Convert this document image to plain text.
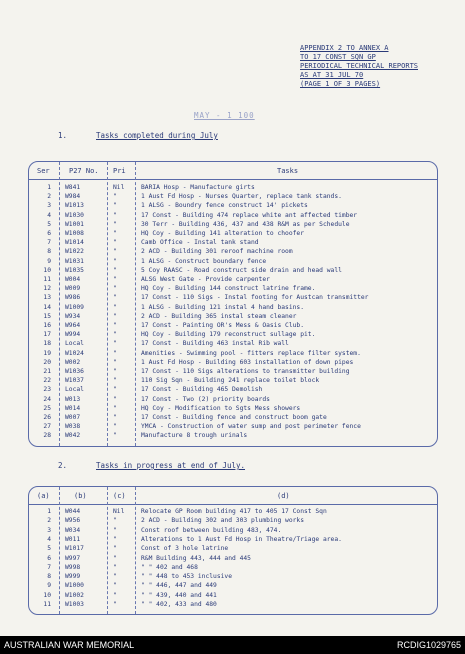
APPENDIX 2 TO ANNEX A
TO 17 CONST SQN GP
PERIODICAL TECHNICAL REPORTS
AS AT 31 JUL 70
(PAGE 1 OF 3 PAGES)
MAY - 1 100
1.	Tasks completed during July
Ser	P27 No. Pri	Tasks
1 W841	Nil	BARIA Hosp - Manufacture girts
2 W984	"	1 Aust Fd Hosp - Nurses Quarter, replace tank stands.
3 W1013	"	1 ALSG - Boundry fence construct 14' pickets
4 W1030	"	17 Const - Building 474 replace white ant affected timber
5 W1001	"	30 Terr - Building 436, 437 and 438 R&M as per Schedule
6 W1008	"	HQ Coy - Building 141 alteration to choofer
7 W1014	"	Camb Office - Instal tank stand
8 W1022	"	2 ACD - Building 301 reroof machine room
9 W1031	"	1 ALSG - Construct boundary fence
10 W1035	"	5 Coy RAASC - Road construct side drain and head wall
11 W004	"	ALSG West Gate - Provide carpenter
12 W009	"	HQ Coy - Building 144 construct latrine frame.
13 W986	"	17 Const - 110 Sigs - Instal footing for Austcan transmitter
14 W1009	"	1 ALSG - Building 121 instal 4 hand basins.
15 W934	"	2 ACD - Building 365 instal steam cleaner
16 W964	"	17 Const - Painting OR's Mess & Oasis Club.
17 W994	"	HQ Coy - Building 179 reconstruct sullage pit.
18 Local	"	17 Const - Building 463 instal Rib wall
19 W1024	"	Amenities - Swimming pool - fitters replace filter system.
20 W002	"	1 Aust Fd Hosp - Building 603 installation of down pipes
21 W1036	"	17 Const - 110 Sigs alterations to transmitter building
22 W1037	"	110 Sig Sqn - Building 241 replace toilet block
23 Local	"	17 Const - Building 465 Demolish
24 W013	"	17 Const - Two (2) priority boards
25 W014	"	HQ Coy - Modification to Sgts Mess showers
26 W007	"	17 Const - Building fence and construct boom gate
27 W038	"	YMCA - Construction of water sump and post perimeter fence
28 W042	"	Manufacture 8 trough urinals
2.	Tasks in progress at end of July.
(a)	(b)	(c)	(d)
1 W044	Nil	Relocate GP Room building 417 to 405 17 Const Sqn
2 W956	"	2 ACD - Building 302 and 303 plumbing works
3 W034	"	Const roof between building 483, 474.
4 W011	"	Alterations to 1 Aust Fd Hosp in Theatre/Triage area.
5 W1017	"	Const of 3 hole latrine
6 W997	"	R&M Building 443, 444 and 445
7 W998	"	" " 402 and 468
8 W999	"	" " 448 to 453 inclusive
9 W1000	"	" " 446, 447 and 449
10 W1002	"	" " 439, 440 and 441
11 W1003	"	" " 402, 433 and 480
AUSTRALIAN WAR MEMORIAL	RCDIG1029765
